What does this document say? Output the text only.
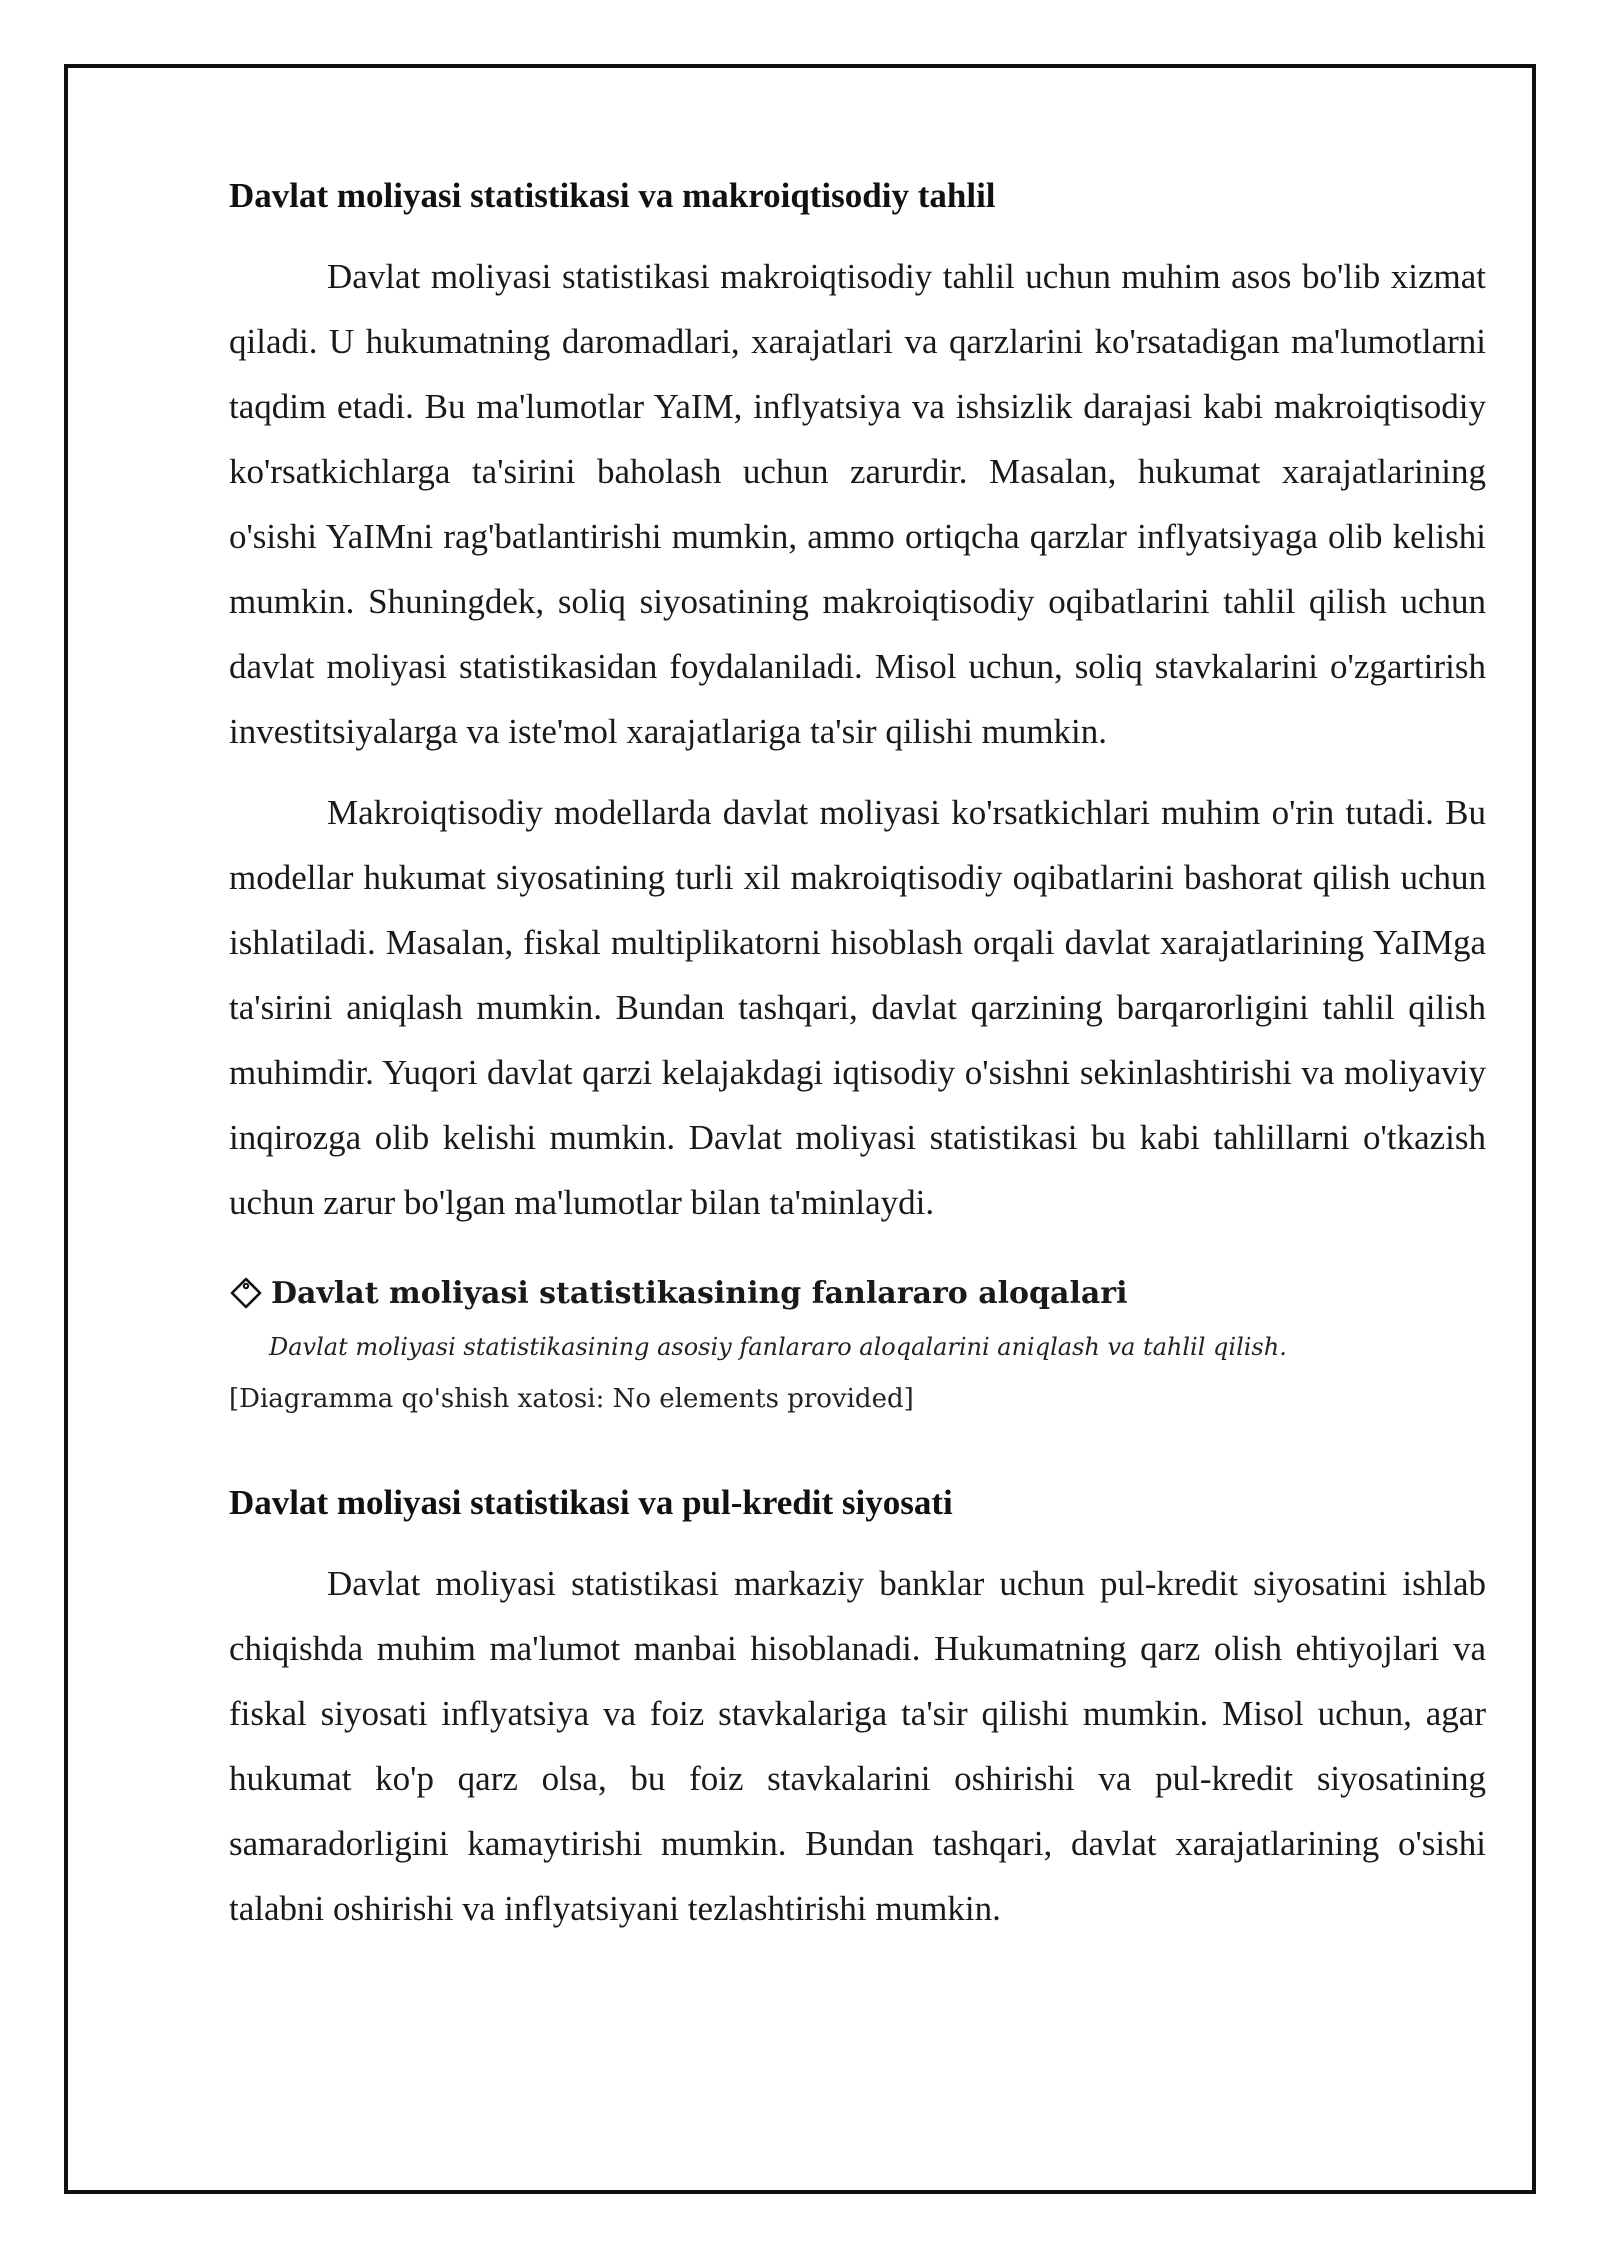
Davlat moliyasi statistikasi va makroiqtisodiy tahlil

Davlat moliyasi statistikasi makroiqtisodiy tahlil uchun muhim asos bo'lib xizmat qiladi. U hukumatning daromadlari, xarajatlari va qarzlarini ko'rsatadigan ma'lumotlarni taqdim etadi. Bu ma'lumotlar YaIM, inflyatsiya va ishsizlik darajasi kabi makroiqtisodiy ko'rsatkichlarga ta'sirini baholash uchun zarurdir. Masalan, hukumat xarajatlarining o'sishi YaIMni rag'batlantirishi mumkin, ammo ortiqcha qarzlar inflyatsiyaga olib kelishi mumkin. Shuningdek, soliq siyosatining makroiqtisodiy oqibatlarini tahlil qilish uchun davlat moliyasi statistikasidan foydalaniladi. Misol uchun, soliq stavkalarini o'zgartirish investitsiyalarga va iste'mol xarajatlariga ta'sir qilishi mumkin.

Makroiqtisodiy modellarda davlat moliyasi ko'rsatkichlari muhim o'rin tutadi. Bu modellar hukumat siyosatining turli xil makroiqtisodiy oqibatlarini bashorat qilish uchun ishlatiladi. Masalan, fiskal multiplikatorni hisoblash orqali davlat xarajatlarining YaIMga ta'sirini aniqlash mumkin. Bundan tashqari, davlat qarzining barqarorligini tahlil qilish muhimdir. Yuqori davlat qarzi kelajakdagi iqtisodiy o'sishni sekinlashtirishi va moliyaviy inqirozga olib kelishi mumkin. Davlat moliyasi statistikasi bu kabi tahlillarni o'tkazish uchun zarur bo'lgan ma'lumotlar bilan ta'minlaydi.

Davlat moliyasi statistikasining fanlararo aloqalari
Davlat moliyasi statistikasining asosiy fanlararo aloqalarini aniqlash va tahlil qilish.
[Diagramma qo'shish xatosi: No elements provided]
Davlat moliyasi statistikasi va pul-kredit siyosati

Davlat moliyasi statistikasi markaziy banklar uchun pul-kredit siyosatini ishlab chiqishda muhim ma'lumot manbai hisoblanadi. Hukumatning qarz olish ehtiyojlari va fiskal siyosati inflyatsiya va foiz stavkalariga ta'sir qilishi mumkin. Misol uchun, agar hukumat ko'p qarz olsa, bu foiz stavkalarini oshirishi va pul-kredit siyosatining samaradorligini kamaytirishi mumkin. Bundan tashqari, davlat xarajatlarining o'sishi talabni oshirishi va inflyatsiyani tezlashtirishi mumkin.
